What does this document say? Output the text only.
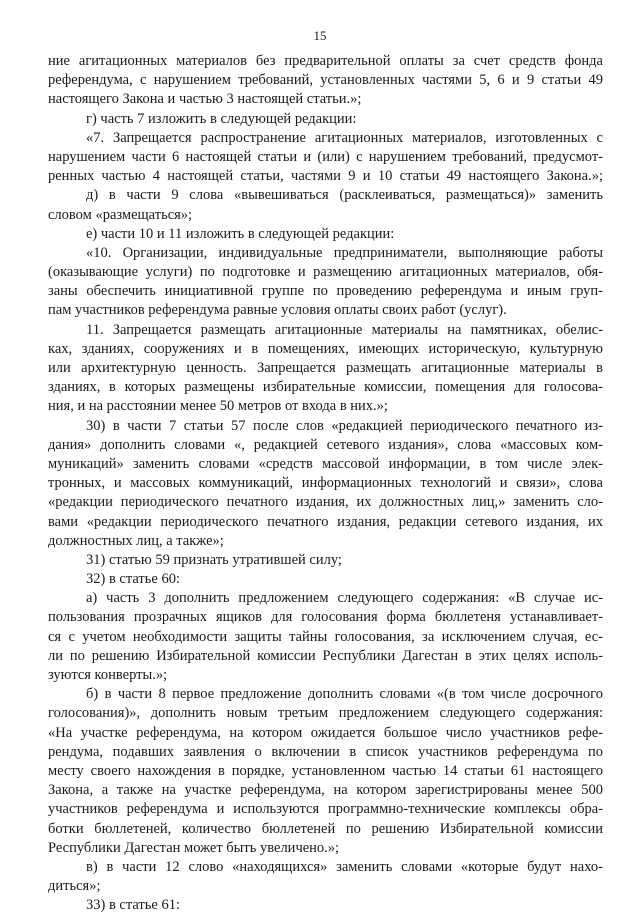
15
ние агитационных материалов без предварительной оплаты за счет средств фонда
референдума, с нарушением требований, установленных частями 5, 6 и 9 статьи 49
настоящего Закона и частью 3 настоящей статьи.»;
г) часть 7 изложить в следующей редакции:
«7. Запрещается распространение агитационных материалов, изготовленных с
нарушением части 6 настоящей статьи и (или) с нарушением требований, предусмот-
ренных частью 4 настоящей статьи, частями 9 и 10 статьи 49 настоящего Закона.»;
д) в части 9 слова «вывешиваться (расклеиваться, размещаться)» заменить
словом «размещаться»;
е) части 10 и 11 изложить в следующей редакции:
«10. Организации, индивидуальные предприниматели, выполняющие работы
(оказывающие услуги) по подготовке и размещению агитационных материалов, обя-
заны обеспечить инициативной группе по проведению референдума и иным груп-
пам участников референдума равные условия оплаты своих работ (услуг).
11. Запрещается размещать агитационные материалы на памятниках, обелис-
ках, зданиях, сооружениях и в помещениях, имеющих историческую, культурную
или архитектурную ценность. Запрещается размещать агитационные материалы в
зданиях, в которых размещены избирательные комиссии, помещения для голосова-
ния, и на расстоянии менее 50 метров от входа в них.»;
30) в части 7 статьи 57 после слов «редакцией периодического печатного из-
дания» дополнить словами «, редакцией сетевого издания», слова «массовых ком-
муникаций» заменить словами «средств массовой информации, в том числе элек-
тронных, и массовых коммуникаций, информационных технологий и связи», слова
«редакции периодического печатного издания, их должностных лиц,» заменить сло-
вами «редакции периодического печатного издания, редакции сетевого издания, их
должностных лиц, а также»;
31) статью 59 признать утратившей силу;
32) в статье 60:
а) часть 3 дополнить предложением следующего содержания: «В случае ис-
пользования прозрачных ящиков для голосования форма бюллетеня устанавливает-
ся с учетом необходимости защиты тайны голосования, за исключением случая, ес-
ли по решению Избирательной комиссии Республики Дагестан в этих целях исполь-
зуются конверты.»;
б) в части 8 первое предложение дополнить словами «(в том числе досрочного
голосования)», дополнить новым третьим предложением следующего содержания:
«На участке референдума, на котором ожидается большое число участников рефе-
рендума, подавших заявления о включении в список участников референдума по
месту своего нахождения в порядке, установленном частью 14 статьи 61 настоящего
Закона, а также на участке референдума, на котором зарегистрированы менее 500
участников референдума и используются программно-технические комплексы обра-
ботки бюллетеней, количество бюллетеней по решению Избирательной комиссии
Республики Дагестан может быть увеличено.»;
в) в части 12 слово «находящихся» заменить словами «которые будут нахо-
диться»;
33) в статье 61:
